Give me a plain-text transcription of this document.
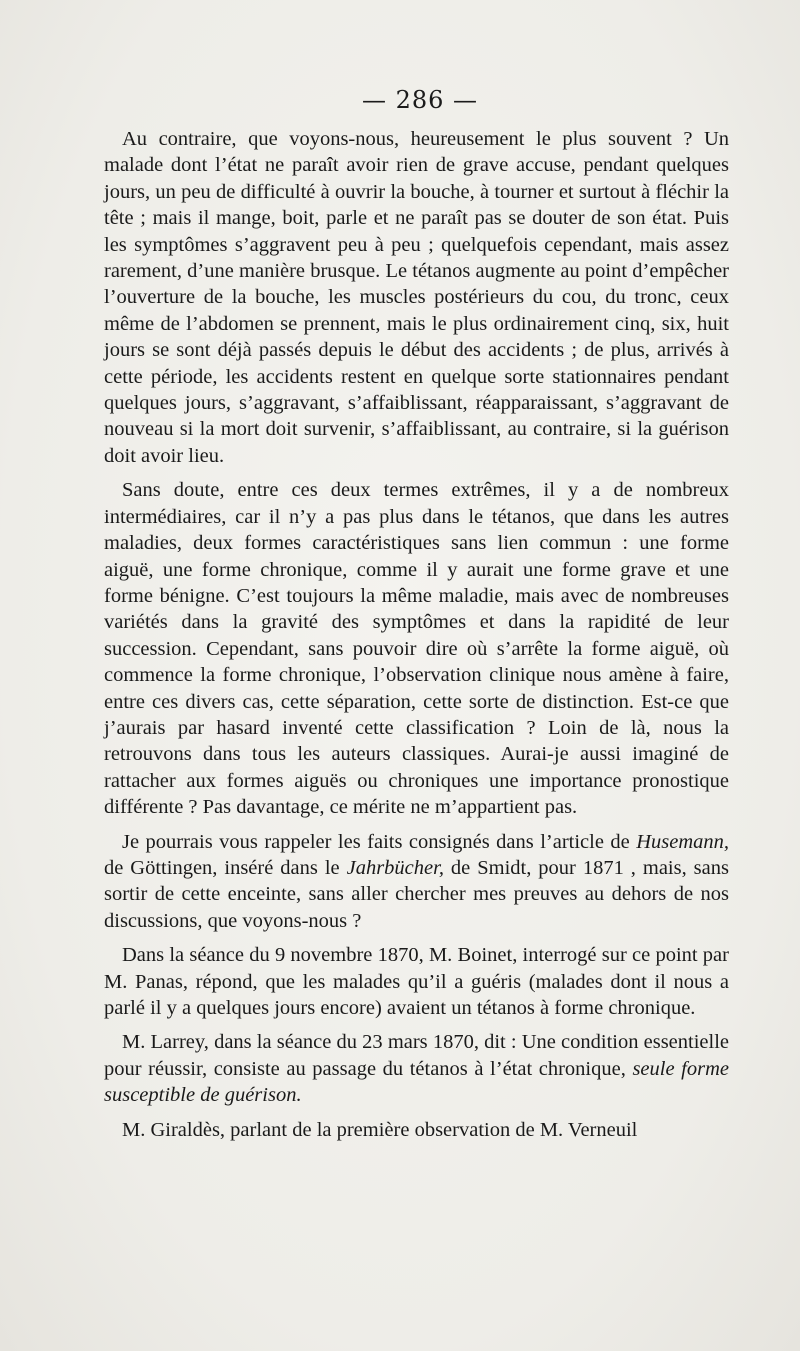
— 286 —

Au contraire, que voyons-nous, heureusement le plus souvent ? Un malade dont l’état ne paraît avoir rien de grave accuse, pendant quelques jours, un peu de difficulté à ouvrir la bouche, à tourner et surtout à fléchir la tête ; mais il mange, boit, parle et ne paraît pas se douter de son état. Puis les symptômes s’aggravent peu à peu ; quelquefois cependant, mais assez rarement, d’une manière brusque. Le tétanos augmente au point d’empêcher l’ouverture de la bouche, les muscles postérieurs du cou, du tronc, ceux même de l’abdomen se prennent, mais le plus ordinairement cinq, six, huit jours se sont déjà passés depuis le début des accidents ; de plus, arrivés à cette période, les accidents restent en quelque sorte stationnaires pendant quelques jours, s’aggravant, s’affaiblissant, réapparaissant, s’aggravant de nouveau si la mort doit survenir, s’affaiblissant, au contraire, si la guérison doit avoir lieu.

Sans doute, entre ces deux termes extrêmes, il y a de nombreux intermédiaires, car il n’y a pas plus dans le tétanos, que dans les autres maladies, deux formes caractéristiques sans lien commun : une forme aiguë, une forme chronique, comme il y aurait une forme grave et une forme bénigne. C’est toujours la même maladie, mais avec de nombreuses variétés dans la gravité des symptômes et dans la rapidité de leur succession. Cependant, sans pouvoir dire où s’arrête la forme aiguë, où commence la forme chronique, l’observation clinique nous amène à faire, entre ces divers cas, cette séparation, cette sorte de distinction. Est-ce que j’aurais par hasard inventé cette classification ? Loin de là, nous la retrouvons dans tous les auteurs classiques. Aurai-je aussi imaginé de rattacher aux formes aiguës ou chroniques une importance pronostique différente ? Pas davantage, ce mérite ne m’appartient pas.

Je pourrais vous rappeler les faits consignés dans l’article de Husemann, de Göttingen, inséré dans le Jahrbücher, de Smidt, pour 1871 , mais, sans sortir de cette enceinte, sans aller chercher mes preuves au dehors de nos discussions, que voyons-nous ?

Dans la séance du 9 novembre 1870, M. Boinet, interrogé sur ce point par M. Panas, répond, que les malades qu’il a guéris (malades dont il nous a parlé il y a quelques jours encore) avaient un tétanos à forme chronique.

M. Larrey, dans la séance du 23 mars 1870, dit : Une condition essentielle pour réussir, consiste au passage du tétanos à l’état chronique, seule forme susceptible de guérison.

M. Giraldès, parlant de la première observation de M. Verneuil
